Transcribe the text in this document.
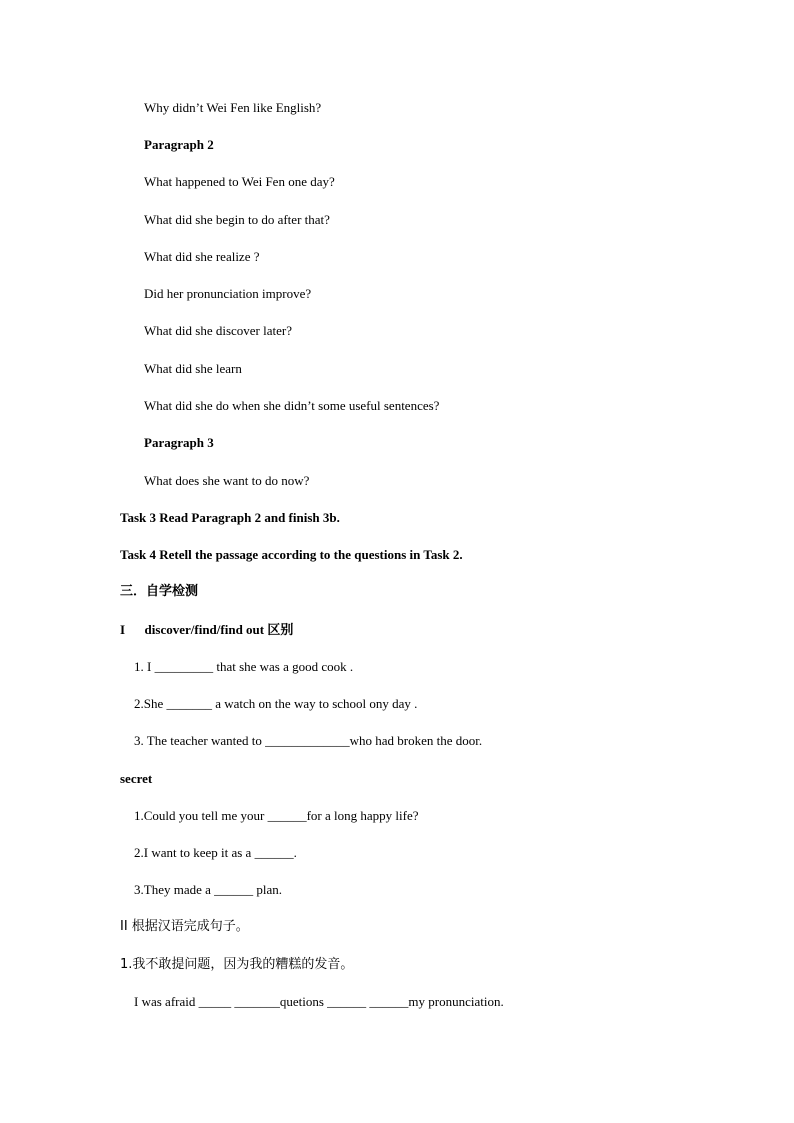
Why didn’t Wei Fen like English?
Paragraph 2
What happened to Wei Fen one day?
What did she begin to do after that?
What did she realize ?
Did her pronunciation improve?
What did she discover later?
What did she learn
What did she do when she didn’t some useful sentences?
Paragraph 3
What does she want to do now?
Task 3 Read Paragraph 2 and finish 3b.
Task 4 Retell the passage according to the questions in Task 2.
三．自学检测
I      discover/find/find out 区别
1. I _________ that she was a good cook .
2.She _______ a watch on the way to school ony day .
3. The teacher wanted to _____________who had broken the door.
secret
1.Could you tell me your ______for a long happy life?
2.I want to keep it as a ______.
3.They made a ______ plan.
II 根据汉语完成句子。
1.我不敢提问题，因为我的糟糕的发音。
I was afraid _____ _______quetions ______ ______my pronunciation.
